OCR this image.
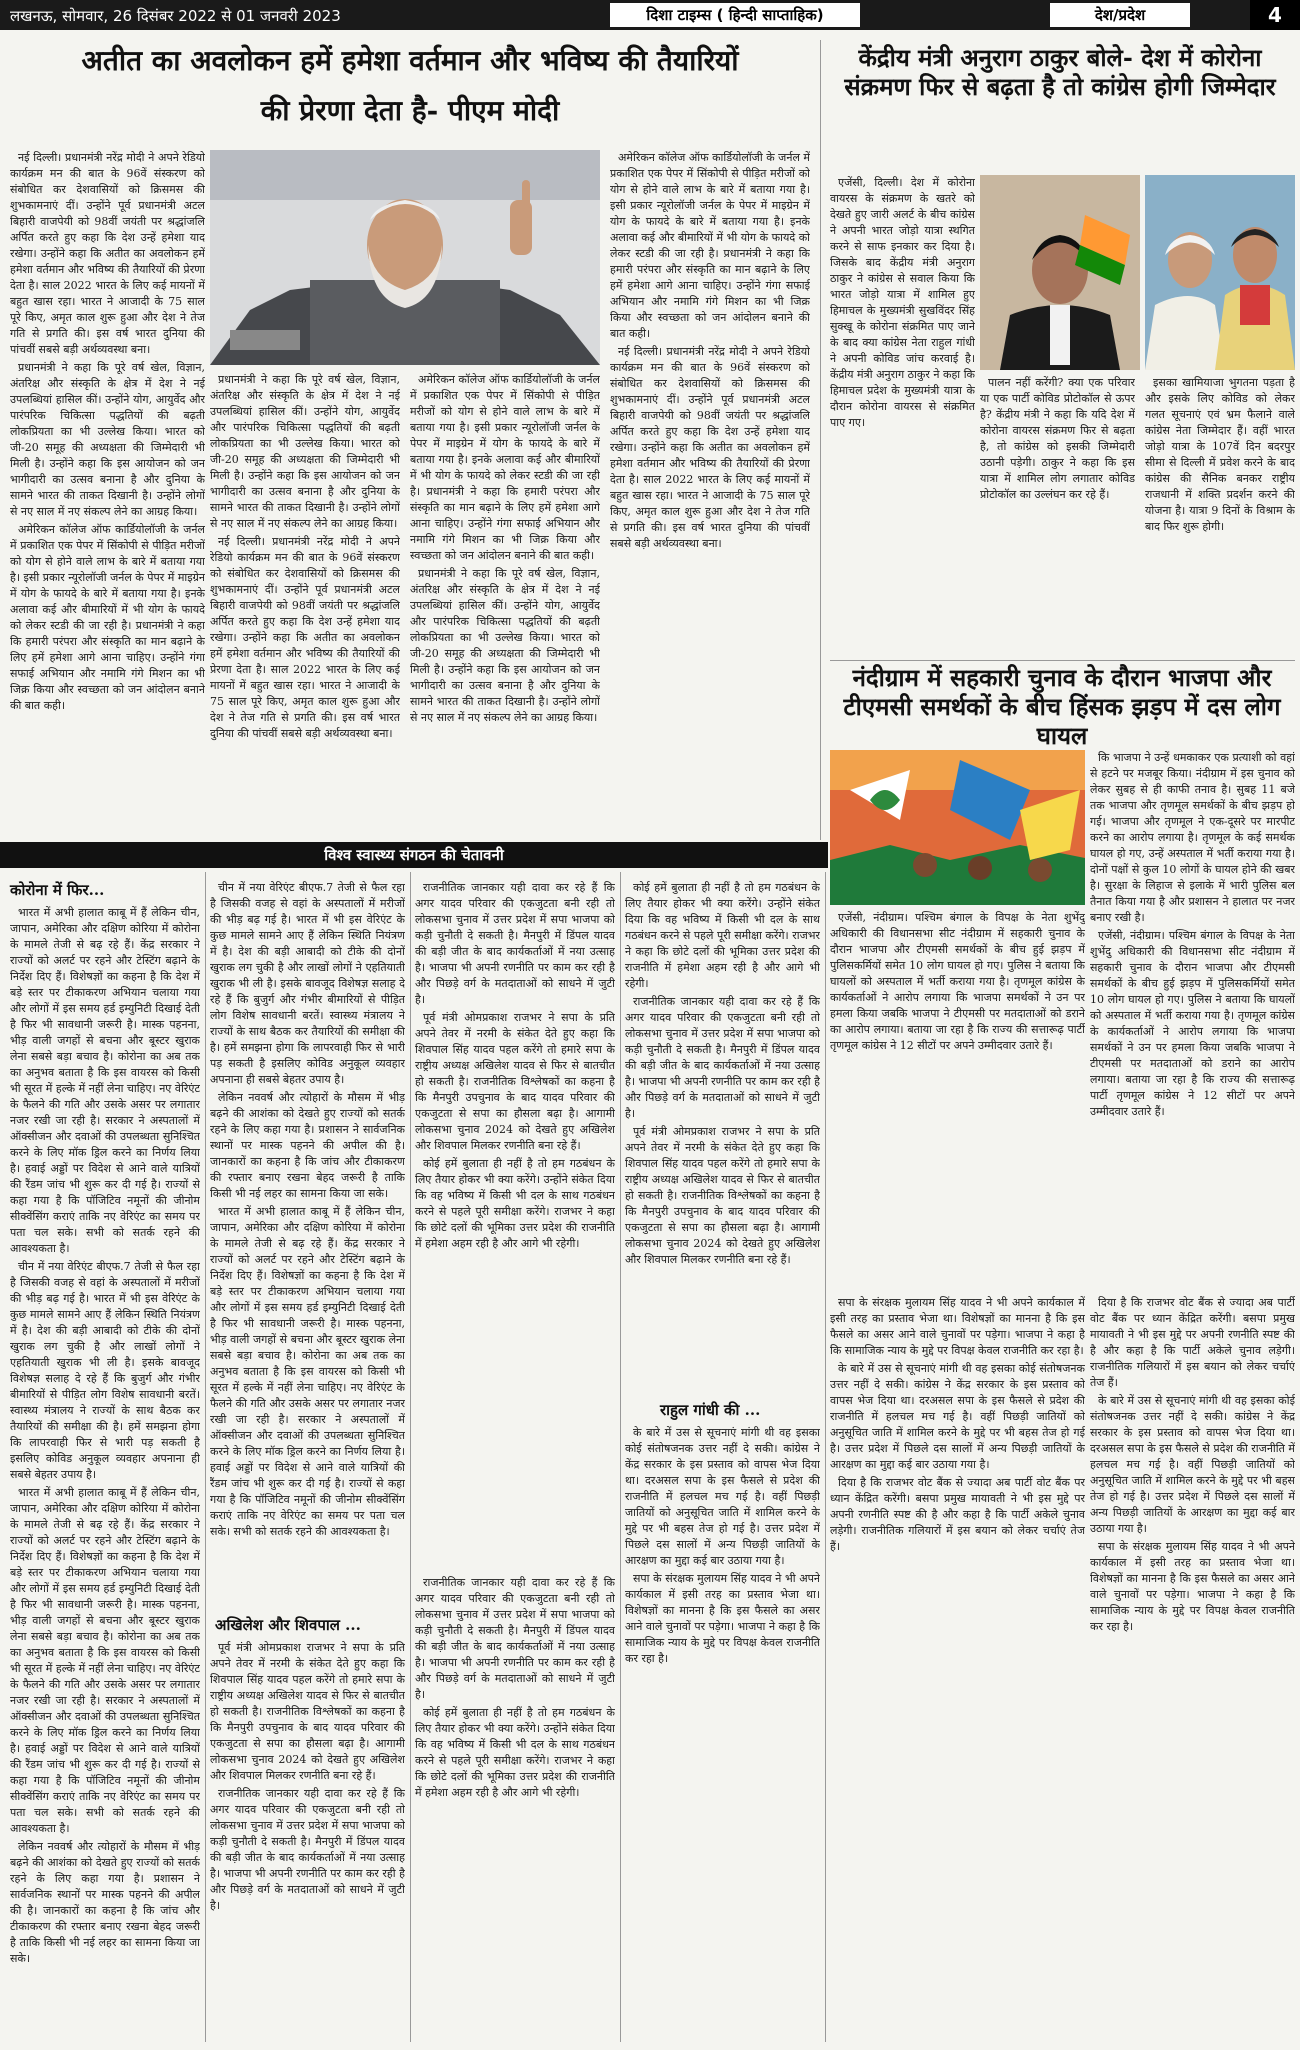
लखनऊ, सोमवार, 26 दिसंबर 2022 से 01 जनवरी 2023	दिशा टाइम्स ( हिन्दी साप्ताहिक)	देश/प्रदेश	4
अतीत का अवलोकन हमें हमेशा वर्तमान और भविष्य की तैयारियों
की प्रेरणा देता है- पीएम मोदी

नई दिल्ली। प्रधानमंत्री नरेंद्र मोदी ने अपने रेडियो कार्यक्रम मन की बात के 96वें संस्करण को संबोधित कर देशवासियों को क्रिसमस की शुभकामनाएं दीं। उन्होंने पूर्व प्रधानमंत्री अटल बिहारी वाजपेयी को 98वीं जयंती पर श्रद्धांजलि अर्पित करते हुए कहा कि देश उन्हें हमेशा याद रखेगा। उन्होंने कहा कि अतीत का अवलोकन हमें हमेशा वर्तमान और भविष्य की तैयारियों की प्रेरणा देता है। साल 2022 भारत के लिए कई मायनों में बहुत खास रहा। भारत ने आजादी के 75 साल पूरे किए, अमृत काल शुरू हुआ और देश ने तेज गति से प्रगति की। इस वर्ष भारत दुनिया की पांचवीं सबसे बड़ी अर्थव्यवस्था बना।

प्रधानमंत्री ने कहा कि पूरे वर्ष खेल, विज्ञान, अंतरिक्ष और संस्कृति के क्षेत्र में देश ने नई उपलब्धियां हासिल कीं। उन्होंने योग, आयुर्वेद और पारंपरिक चिकित्सा पद्धतियों की बढ़ती लोकप्रियता का भी उल्लेख किया। भारत को जी-20 समूह की अध्यक्षता की जिम्मेदारी भी मिली है। उन्होंने कहा कि इस आयोजन को जन भागीदारी का उत्सव बनाना है और दुनिया के सामने भारत की ताकत दिखानी है। उन्होंने लोगों से नए साल में नए संकल्प लेने का आग्रह किया।

अमेरिकन कॉलेज ऑफ कार्डियोलॉजी के जर्नल में प्रकाशित एक पेपर में सिंकोपी से पीड़ित मरीजों को योग से होने वाले लाभ के बारे में बताया गया है। इसी प्रकार न्यूरोलॉजी जर्नल के पेपर में माइग्रेन में योग के फायदे के बारे में बताया गया है। इनके अलावा कई और बीमारियों में भी योग के फायदे को लेकर स्टडी की जा रही है। प्रधानमंत्री ने कहा कि हमारी परंपरा और संस्कृति का मान बढ़ाने के लिए हमें हमेशा आगे आना चाहिए। उन्होंने गंगा सफाई अभियान और नमामि गंगे मिशन का भी जिक्र किया और स्वच्छता को जन आंदोलन बनाने की बात कही।

प्रधानमंत्री ने कहा कि पूरे वर्ष खेल, विज्ञान, अंतरिक्ष और संस्कृति के क्षेत्र में देश ने नई उपलब्धियां हासिल कीं। उन्होंने योग, आयुर्वेद और पारंपरिक चिकित्सा पद्धतियों की बढ़ती लोकप्रियता का भी उल्लेख किया। भारत को जी-20 समूह की अध्यक्षता की जिम्मेदारी भी मिली है। उन्होंने कहा कि इस आयोजन को जन भागीदारी का उत्सव बनाना है और दुनिया के सामने भारत की ताकत दिखानी है। उन्होंने लोगों से नए साल में नए संकल्प लेने का आग्रह किया।

नई दिल्ली। प्रधानमंत्री नरेंद्र मोदी ने अपने रेडियो कार्यक्रम मन की बात के 96वें संस्करण को संबोधित कर देशवासियों को क्रिसमस की शुभकामनाएं दीं। उन्होंने पूर्व प्रधानमंत्री अटल बिहारी वाजपेयी को 98वीं जयंती पर श्रद्धांजलि अर्पित करते हुए कहा कि देश उन्हें हमेशा याद रखेगा। उन्होंने कहा कि अतीत का अवलोकन हमें हमेशा वर्तमान और भविष्य की तैयारियों की प्रेरणा देता है। साल 2022 भारत के लिए कई मायनों में बहुत खास रहा। भारत ने आजादी के 75 साल पूरे किए, अमृत काल शुरू हुआ और देश ने तेज गति से प्रगति की। इस वर्ष भारत दुनिया की पांचवीं सबसे बड़ी अर्थव्यवस्था बना।

अमेरिकन कॉलेज ऑफ कार्डियोलॉजी के जर्नल में प्रकाशित एक पेपर में सिंकोपी से पीड़ित मरीजों को योग से होने वाले लाभ के बारे में बताया गया है। इसी प्रकार न्यूरोलॉजी जर्नल के पेपर में माइग्रेन में योग के फायदे के बारे में बताया गया है। इनके अलावा कई और बीमारियों में भी योग के फायदे को लेकर स्टडी की जा रही है। प्रधानमंत्री ने कहा कि हमारी परंपरा और संस्कृति का मान बढ़ाने के लिए हमें हमेशा आगे आना चाहिए। उन्होंने गंगा सफाई अभियान और नमामि गंगे मिशन का भी जिक्र किया और स्वच्छता को जन आंदोलन बनाने की बात कही।

प्रधानमंत्री ने कहा कि पूरे वर्ष खेल, विज्ञान, अंतरिक्ष और संस्कृति के क्षेत्र में देश ने नई उपलब्धियां हासिल कीं। उन्होंने योग, आयुर्वेद और पारंपरिक चिकित्सा पद्धतियों की बढ़ती लोकप्रियता का भी उल्लेख किया। भारत को जी-20 समूह की अध्यक्षता की जिम्मेदारी भी मिली है। उन्होंने कहा कि इस आयोजन को जन भागीदारी का उत्सव बनाना है और दुनिया के सामने भारत की ताकत दिखानी है। उन्होंने लोगों से नए साल में नए संकल्प लेने का आग्रह किया।

अमेरिकन कॉलेज ऑफ कार्डियोलॉजी के जर्नल में प्रकाशित एक पेपर में सिंकोपी से पीड़ित मरीजों को योग से होने वाले लाभ के बारे में बताया गया है। इसी प्रकार न्यूरोलॉजी जर्नल के पेपर में माइग्रेन में योग के फायदे के बारे में बताया गया है। इनके अलावा कई और बीमारियों में भी योग के फायदे को लेकर स्टडी की जा रही है। प्रधानमंत्री ने कहा कि हमारी परंपरा और संस्कृति का मान बढ़ाने के लिए हमें हमेशा आगे आना चाहिए। उन्होंने गंगा सफाई अभियान और नमामि गंगे मिशन का भी जिक्र किया और स्वच्छता को जन आंदोलन बनाने की बात कही।

नई दिल्ली। प्रधानमंत्री नरेंद्र मोदी ने अपने रेडियो कार्यक्रम मन की बात के 96वें संस्करण को संबोधित कर देशवासियों को क्रिसमस की शुभकामनाएं दीं। उन्होंने पूर्व प्रधानमंत्री अटल बिहारी वाजपेयी को 98वीं जयंती पर श्रद्धांजलि अर्पित करते हुए कहा कि देश उन्हें हमेशा याद रखेगा। उन्होंने कहा कि अतीत का अवलोकन हमें हमेशा वर्तमान और भविष्य की तैयारियों की प्रेरणा देता है। साल 2022 भारत के लिए कई मायनों में बहुत खास रहा। भारत ने आजादी के 75 साल पूरे किए, अमृत काल शुरू हुआ और देश ने तेज गति से प्रगति की। इस वर्ष भारत दुनिया की पांचवीं सबसे बड़ी अर्थव्यवस्था बना।

केंद्रीय मंत्री अनुराग ठाकुर बोले- देश में कोरोना संक्रमण फिर से बढ़ता है तो कांग्रेस होगी जिम्मेदार

एजेंसी, दिल्ली। देश में कोरोना वायरस के संक्रमण के खतरे को देखते हुए जारी अलर्ट के बीच कांग्रेस ने अपनी भारत जोड़ो यात्रा स्थगित करने से साफ इनकार कर दिया है। जिसके बाद केंद्रीय मंत्री अनुराग ठाकुर ने कांग्रेस से सवाल किया कि भारत जोड़ो यात्रा में शामिल हुए हिमाचल के मुख्यमंत्री सुखविंदर सिंह सुक्खू के कोरोना संक्रमित पाए जाने के बाद क्या कांग्रेस नेता राहुल गांधी ने अपनी कोविड जांच करवाई है। केंद्रीय मंत्री अनुराग ठाकुर ने कहा कि हिमाचल प्रदेश के मुख्यमंत्री यात्रा के दौरान कोरोना वायरस से संक्रमित पाए गए।

पालन नहीं करेंगी? क्या एक परिवार या एक पार्टी कोविड प्रोटोकॉल से ऊपर है? केंद्रीय मंत्री ने कहा कि यदि देश में कोरोना वायरस संक्रमण फिर से बढ़ता है, तो कांग्रेस को इसकी जिम्मेदारी उठानी पड़ेगी। ठाकुर ने कहा कि इस यात्रा में शामिल लोग लगातार कोविड प्रोटोकॉल का उल्लंघन कर रहे हैं।

इसका खामियाजा भुगतना पड़ता है और इसके लिए कोविड को लेकर गलत सूचनाएं एवं भ्रम फैलाने वाले कांग्रेस नेता जिम्मेदार हैं। वहीं भारत जोड़ो यात्रा के 107वें दिन बदरपुर सीमा से दिल्ली में प्रवेश करने के बाद कांग्रेस की सैनिक बनकर राष्ट्रीय राजधानी में शक्ति प्रदर्शन करने की योजना है। यात्रा 9 दिनों के विश्राम के बाद फिर शुरू होगी।

नंदीग्राम में सहकारी चुनाव के दौरान भाजपा और टीएमसी समर्थकों के बीच हिंसक झड़प में दस लोग घायल

एजेंसी, नंदीग्राम। पश्चिम बंगाल के विपक्ष के नेता शुभेंदु अधिकारी की विधानसभा सीट नंदीग्राम में सहकारी चुनाव के दौरान भाजपा और टीएमसी समर्थकों के बीच हुई झड़प में पुलिसकर्मियों समेत 10 लोग घायल हो गए। पुलिस ने बताया कि घायलों को अस्पताल में भर्ती कराया गया है। तृणमूल कांग्रेस के कार्यकर्ताओं ने आरोप लगाया कि भाजपा समर्थकों ने उन पर हमला किया जबकि भाजपा ने टीएमसी पर मतदाताओं को डराने का आरोप लगाया। बताया जा रहा है कि राज्य की सत्तारूढ़ पार्टी तृणमूल कांग्रेस ने 12 सीटों पर अपने उम्मीदवार उतारे हैं।

कि भाजपा ने उन्हें धमकाकर एक प्रत्याशी को वहां से हटने पर मजबूर किया। नंदीग्राम में इस चुनाव को लेकर सुबह से ही काफी तनाव है। सुबह 11 बजे तक भाजपा और तृणमूल समर्थकों के बीच झड़प हो गई। भाजपा और तृणमूल ने एक-दूसरे पर मारपीट करने का आरोप लगाया है। तृणमूल के कई समर्थक घायल हो गए, उन्हें अस्पताल में भर्ती कराया गया है। दोनों पक्षों से कुल 10 लोगों के घायल होने की खबर है। सुरक्षा के लिहाज से इलाके में भारी पुलिस बल तैनात किया गया है और प्रशासन ने हालात पर नजर बनाए रखी है।

एजेंसी, नंदीग्राम। पश्चिम बंगाल के विपक्ष के नेता शुभेंदु अधिकारी की विधानसभा सीट नंदीग्राम में सहकारी चुनाव के दौरान भाजपा और टीएमसी समर्थकों के बीच हुई झड़प में पुलिसकर्मियों समेत 10 लोग घायल हो गए। पुलिस ने बताया कि घायलों को अस्पताल में भर्ती कराया गया है। तृणमूल कांग्रेस के कार्यकर्ताओं ने आरोप लगाया कि भाजपा समर्थकों ने उन पर हमला किया जबकि भाजपा ने टीएमसी पर मतदाताओं को डराने का आरोप लगाया। बताया जा रहा है कि राज्य की सत्तारूढ़ पार्टी तृणमूल कांग्रेस ने 12 सीटों पर अपने उम्मीदवार उतारे हैं।

विश्व स्वास्थ्य संगठन की चेतावनी
कोरोना में फिर...

भारत में अभी हालात काबू में हैं लेकिन चीन, जापान, अमेरिका और दक्षिण कोरिया में कोरोना के मामले तेजी से बढ़ रहे हैं। केंद्र सरकार ने राज्यों को अलर्ट पर रहने और टेस्टिंग बढ़ाने के निर्देश दिए हैं। विशेषज्ञों का कहना है कि देश में बड़े स्तर पर टीकाकरण अभियान चलाया गया और लोगों में इस समय हर्ड इम्युनिटी दिखाई देती है फिर भी सावधानी जरूरी है। मास्क पहनना, भीड़ वाली जगहों से बचना और बूस्टर खुराक लेना सबसे बड़ा बचाव है। कोरोना का अब तक का अनुभव बताता है कि इस वायरस को किसी भी सूरत में हल्के में नहीं लेना चाहिए। नए वेरिएंट के फैलने की गति और उसके असर पर लगातार नजर रखी जा रही है। सरकार ने अस्पतालों में ऑक्सीजन और दवाओं की उपलब्धता सुनिश्चित करने के लिए मॉक ड्रिल करने का निर्णय लिया है। हवाई अड्डों पर विदेश से आने वाले यात्रियों की रैंडम जांच भी शुरू कर दी गई है। राज्यों से कहा गया है कि पॉजिटिव नमूनों की जीनोम सीक्वेंसिंग कराएं ताकि नए वेरिएंट का समय पर पता चल सके। सभी को सतर्क रहने की आवश्यकता है।

चीन में नया वेरिएंट बीएफ.7 तेजी से फैल रहा है जिसकी वजह से वहां के अस्पतालों में मरीजों की भीड़ बढ़ गई है। भारत में भी इस वेरिएंट के कुछ मामले सामने आए हैं लेकिन स्थिति नियंत्रण में है। देश की बड़ी आबादी को टीके की दोनों खुराक लग चुकी है और लाखों लोगों ने एहतियाती खुराक भी ली है। इसके बावजूद विशेषज्ञ सलाह दे रहे हैं कि बुजुर्ग और गंभीर बीमारियों से पीड़ित लोग विशेष सावधानी बरतें। स्वास्थ्य मंत्रालय ने राज्यों के साथ बैठक कर तैयारियों की समीक्षा की है। हमें समझना होगा कि लापरवाही फिर से भारी पड़ सकती है इसलिए कोविड अनुकूल व्यवहार अपनाना ही सबसे बेहतर उपाय है।

भारत में अभी हालात काबू में हैं लेकिन चीन, जापान, अमेरिका और दक्षिण कोरिया में कोरोना के मामले तेजी से बढ़ रहे हैं। केंद्र सरकार ने राज्यों को अलर्ट पर रहने और टेस्टिंग बढ़ाने के निर्देश दिए हैं। विशेषज्ञों का कहना है कि देश में बड़े स्तर पर टीकाकरण अभियान चलाया गया और लोगों में इस समय हर्ड इम्युनिटी दिखाई देती है फिर भी सावधानी जरूरी है। मास्क पहनना, भीड़ वाली जगहों से बचना और बूस्टर खुराक लेना सबसे बड़ा बचाव है। कोरोना का अब तक का अनुभव बताता है कि इस वायरस को किसी भी सूरत में हल्के में नहीं लेना चाहिए। नए वेरिएंट के फैलने की गति और उसके असर पर लगातार नजर रखी जा रही है। सरकार ने अस्पतालों में ऑक्सीजन और दवाओं की उपलब्धता सुनिश्चित करने के लिए मॉक ड्रिल करने का निर्णय लिया है। हवाई अड्डों पर विदेश से आने वाले यात्रियों की रैंडम जांच भी शुरू कर दी गई है। राज्यों से कहा गया है कि पॉजिटिव नमूनों की जीनोम सीक्वेंसिंग कराएं ताकि नए वेरिएंट का समय पर पता चल सके। सभी को सतर्क रहने की आवश्यकता है।

लेकिन नववर्ष और त्योहारों के मौसम में भीड़ बढ़ने की आशंका को देखते हुए राज्यों को सतर्क रहने के लिए कहा गया है। प्रशासन ने सार्वजनिक स्थानों पर मास्क पहनने की अपील की है। जानकारों का कहना है कि जांच और टीकाकरण की रफ्तार बनाए रखना बेहद जरूरी है ताकि किसी भी नई लहर का सामना किया जा सके।

चीन में नया वेरिएंट बीएफ.7 तेजी से फैल रहा है जिसकी वजह से वहां के अस्पतालों में मरीजों की भीड़ बढ़ गई है। भारत में भी इस वेरिएंट के कुछ मामले सामने आए हैं लेकिन स्थिति नियंत्रण में है। देश की बड़ी आबादी को टीके की दोनों खुराक लग चुकी है और लाखों लोगों ने एहतियाती खुराक भी ली है। इसके बावजूद विशेषज्ञ सलाह दे रहे हैं कि बुजुर्ग और गंभीर बीमारियों से पीड़ित लोग विशेष सावधानी बरतें। स्वास्थ्य मंत्रालय ने राज्यों के साथ बैठक कर तैयारियों की समीक्षा की है। हमें समझना होगा कि लापरवाही फिर से भारी पड़ सकती है इसलिए कोविड अनुकूल व्यवहार अपनाना ही सबसे बेहतर उपाय है।

लेकिन नववर्ष और त्योहारों के मौसम में भीड़ बढ़ने की आशंका को देखते हुए राज्यों को सतर्क रहने के लिए कहा गया है। प्रशासन ने सार्वजनिक स्थानों पर मास्क पहनने की अपील की है। जानकारों का कहना है कि जांच और टीकाकरण की रफ्तार बनाए रखना बेहद जरूरी है ताकि किसी भी नई लहर का सामना किया जा सके।

भारत में अभी हालात काबू में हैं लेकिन चीन, जापान, अमेरिका और दक्षिण कोरिया में कोरोना के मामले तेजी से बढ़ रहे हैं। केंद्र सरकार ने राज्यों को अलर्ट पर रहने और टेस्टिंग बढ़ाने के निर्देश दिए हैं। विशेषज्ञों का कहना है कि देश में बड़े स्तर पर टीकाकरण अभियान चलाया गया और लोगों में इस समय हर्ड इम्युनिटी दिखाई देती है फिर भी सावधानी जरूरी है। मास्क पहनना, भीड़ वाली जगहों से बचना और बूस्टर खुराक लेना सबसे बड़ा बचाव है। कोरोना का अब तक का अनुभव बताता है कि इस वायरस को किसी भी सूरत में हल्के में नहीं लेना चाहिए। नए वेरिएंट के फैलने की गति और उसके असर पर लगातार नजर रखी जा रही है। सरकार ने अस्पतालों में ऑक्सीजन और दवाओं की उपलब्धता सुनिश्चित करने के लिए मॉक ड्रिल करने का निर्णय लिया है। हवाई अड्डों पर विदेश से आने वाले यात्रियों की रैंडम जांच भी शुरू कर दी गई है। राज्यों से कहा गया है कि पॉजिटिव नमूनों की जीनोम सीक्वेंसिंग कराएं ताकि नए वेरिएंट का समय पर पता चल सके। सभी को सतर्क रहने की आवश्यकता है।

राजनीतिक जानकार यही दावा कर रहे हैं कि अगर यादव परिवार की एकजुटता बनी रही तो लोकसभा चुनाव में उत्तर प्रदेश में सपा भाजपा को कड़ी चुनौती दे सकती है। मैनपुरी में डिंपल यादव की बड़ी जीत के बाद कार्यकर्ताओं में नया उत्साह है। भाजपा भी अपनी रणनीति पर काम कर रही है और पिछड़े वर्ग के मतदाताओं को साधने में जुटी है।

पूर्व मंत्री ओमप्रकाश राजभर ने सपा के प्रति अपने तेवर में नरमी के संकेत देते हुए कहा कि शिवपाल सिंह यादव पहल करेंगे तो हमारे सपा के राष्ट्रीय अध्यक्ष अखिलेश यादव से फिर से बातचीत हो सकती है। राजनीतिक विश्लेषकों का कहना है कि मैनपुरी उपचुनाव के बाद यादव परिवार की एकजुटता से सपा का हौसला बढ़ा है। आगामी लोकसभा चुनाव 2024 को देखते हुए अखिलेश और शिवपाल मिलकर रणनीति बना रहे हैं।

कोई हमें बुलाता ही नहीं है तो हम गठबंधन के लिए तैयार होकर भी क्या करेंगे। उन्होंने संकेत दिया कि वह भविष्य में किसी भी दल के साथ गठबंधन करने से पहले पूरी समीक्षा करेंगे। राजभर ने कहा कि छोटे दलों की भूमिका उत्तर प्रदेश की राजनीति में हमेशा अहम रही है और आगे भी रहेगी।

कोई हमें बुलाता ही नहीं है तो हम गठबंधन के लिए तैयार होकर भी क्या करेंगे। उन्होंने संकेत दिया कि वह भविष्य में किसी भी दल के साथ गठबंधन करने से पहले पूरी समीक्षा करेंगे। राजभर ने कहा कि छोटे दलों की भूमिका उत्तर प्रदेश की राजनीति में हमेशा अहम रही है और आगे भी रहेगी।

राजनीतिक जानकार यही दावा कर रहे हैं कि अगर यादव परिवार की एकजुटता बनी रही तो लोकसभा चुनाव में उत्तर प्रदेश में सपा भाजपा को कड़ी चुनौती दे सकती है। मैनपुरी में डिंपल यादव की बड़ी जीत के बाद कार्यकर्ताओं में नया उत्साह है। भाजपा भी अपनी रणनीति पर काम कर रही है और पिछड़े वर्ग के मतदाताओं को साधने में जुटी है।

पूर्व मंत्री ओमप्रकाश राजभर ने सपा के प्रति अपने तेवर में नरमी के संकेत देते हुए कहा कि शिवपाल सिंह यादव पहल करेंगे तो हमारे सपा के राष्ट्रीय अध्यक्ष अखिलेश यादव से फिर से बातचीत हो सकती है। राजनीतिक विश्लेषकों का कहना है कि मैनपुरी उपचुनाव के बाद यादव परिवार की एकजुटता से सपा का हौसला बढ़ा है। आगामी लोकसभा चुनाव 2024 को देखते हुए अखिलेश और शिवपाल मिलकर रणनीति बना रहे हैं।

अखिलेश और शिवपाल ...

पूर्व मंत्री ओमप्रकाश राजभर ने सपा के प्रति अपने तेवर में नरमी के संकेत देते हुए कहा कि शिवपाल सिंह यादव पहल करेंगे तो हमारे सपा के राष्ट्रीय अध्यक्ष अखिलेश यादव से फिर से बातचीत हो सकती है। राजनीतिक विश्लेषकों का कहना है कि मैनपुरी उपचुनाव के बाद यादव परिवार की एकजुटता से सपा का हौसला बढ़ा है। आगामी लोकसभा चुनाव 2024 को देखते हुए अखिलेश और शिवपाल मिलकर रणनीति बना रहे हैं।

राजनीतिक जानकार यही दावा कर रहे हैं कि अगर यादव परिवार की एकजुटता बनी रही तो लोकसभा चुनाव में उत्तर प्रदेश में सपा भाजपा को कड़ी चुनौती दे सकती है। मैनपुरी में डिंपल यादव की बड़ी जीत के बाद कार्यकर्ताओं में नया उत्साह है। भाजपा भी अपनी रणनीति पर काम कर रही है और पिछड़े वर्ग के मतदाताओं को साधने में जुटी है।

राजनीतिक जानकार यही दावा कर रहे हैं कि अगर यादव परिवार की एकजुटता बनी रही तो लोकसभा चुनाव में उत्तर प्रदेश में सपा भाजपा को कड़ी चुनौती दे सकती है। मैनपुरी में डिंपल यादव की बड़ी जीत के बाद कार्यकर्ताओं में नया उत्साह है। भाजपा भी अपनी रणनीति पर काम कर रही है और पिछड़े वर्ग के मतदाताओं को साधने में जुटी है।

कोई हमें बुलाता ही नहीं है तो हम गठबंधन के लिए तैयार होकर भी क्या करेंगे। उन्होंने संकेत दिया कि वह भविष्य में किसी भी दल के साथ गठबंधन करने से पहले पूरी समीक्षा करेंगे। राजभर ने कहा कि छोटे दलों की भूमिका उत्तर प्रदेश की राजनीति में हमेशा अहम रही है और आगे भी रहेगी।

राहुल गांधी की ...

के बारे में उस से सूचनाएं मांगी थी वह इसका कोई संतोषजनक उत्तर नहीं दे सकी। कांग्रेस ने केंद्र सरकार के इस प्रस्ताव को वापस भेज दिया था। दरअसल सपा के इस फैसले से प्रदेश की राजनीति में हलचल मच गई है। वहीं पिछड़ी जातियों को अनुसूचित जाति में शामिल करने के मुद्दे पर भी बहस तेज हो गई है। उत्तर प्रदेश में पिछले दस सालों में अन्य पिछड़ी जातियों के आरक्षण का मुद्दा कई बार उठाया गया है।

सपा के संरक्षक मुलायम सिंह यादव ने भी अपने कार्यकाल में इसी तरह का प्रस्ताव भेजा था। विशेषज्ञों का मानना है कि इस फैसले का असर आने वाले चुनावों पर पड़ेगा। भाजपा ने कहा है कि सामाजिक न्याय के मुद्दे पर विपक्ष केवल राजनीति कर रहा है।

सपा के संरक्षक मुलायम सिंह यादव ने भी अपने कार्यकाल में इसी तरह का प्रस्ताव भेजा था। विशेषज्ञों का मानना है कि इस फैसले का असर आने वाले चुनावों पर पड़ेगा। भाजपा ने कहा है कि सामाजिक न्याय के मुद्दे पर विपक्ष केवल राजनीति कर रहा है।

के बारे में उस से सूचनाएं मांगी थी वह इसका कोई संतोषजनक उत्तर नहीं दे सकी। कांग्रेस ने केंद्र सरकार के इस प्रस्ताव को वापस भेज दिया था। दरअसल सपा के इस फैसले से प्रदेश की राजनीति में हलचल मच गई है। वहीं पिछड़ी जातियों को अनुसूचित जाति में शामिल करने के मुद्दे पर भी बहस तेज हो गई है। उत्तर प्रदेश में पिछले दस सालों में अन्य पिछड़ी जातियों के आरक्षण का मुद्दा कई बार उठाया गया है।

दिया है कि राजभर वोट बैंक से ज्यादा अब पार्टी वोट बैंक पर ध्यान केंद्रित करेंगी। बसपा प्रमुख मायावती ने भी इस मुद्दे पर अपनी रणनीति स्पष्ट की है और कहा है कि पार्टी अकेले चुनाव लड़ेगी। राजनीतिक गलियारों में इस बयान को लेकर चर्चाएं तेज हैं।

दिया है कि राजभर वोट बैंक से ज्यादा अब पार्टी वोट बैंक पर ध्यान केंद्रित करेंगी। बसपा प्रमुख मायावती ने भी इस मुद्दे पर अपनी रणनीति स्पष्ट की है और कहा है कि पार्टी अकेले चुनाव लड़ेगी। राजनीतिक गलियारों में इस बयान को लेकर चर्चाएं तेज हैं।

के बारे में उस से सूचनाएं मांगी थी वह इसका कोई संतोषजनक उत्तर नहीं दे सकी। कांग्रेस ने केंद्र सरकार के इस प्रस्ताव को वापस भेज दिया था। दरअसल सपा के इस फैसले से प्रदेश की राजनीति में हलचल मच गई है। वहीं पिछड़ी जातियों को अनुसूचित जाति में शामिल करने के मुद्दे पर भी बहस तेज हो गई है। उत्तर प्रदेश में पिछले दस सालों में अन्य पिछड़ी जातियों के आरक्षण का मुद्दा कई बार उठाया गया है।

सपा के संरक्षक मुलायम सिंह यादव ने भी अपने कार्यकाल में इसी तरह का प्रस्ताव भेजा था। विशेषज्ञों का मानना है कि इस फैसले का असर आने वाले चुनावों पर पड़ेगा। भाजपा ने कहा है कि सामाजिक न्याय के मुद्दे पर विपक्ष केवल राजनीति कर रहा है।
